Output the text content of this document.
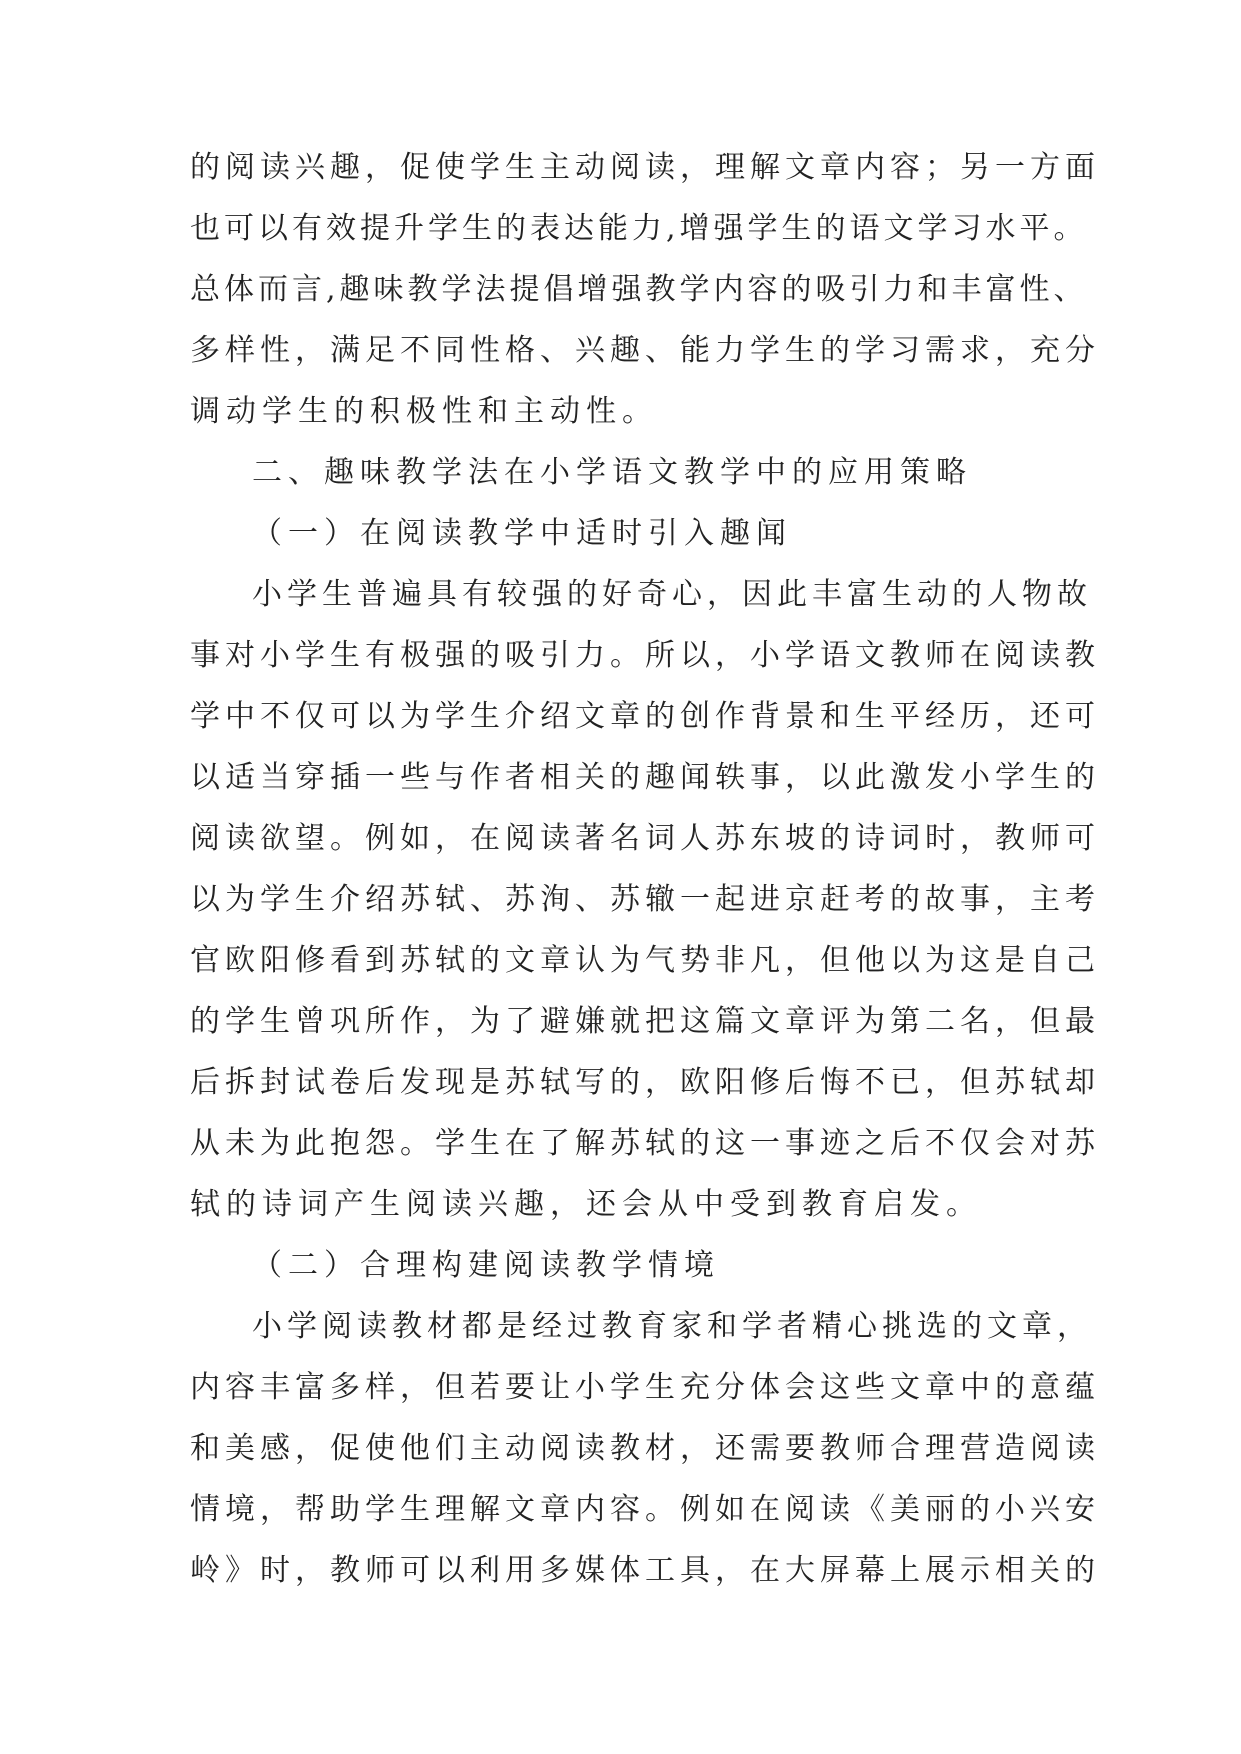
的阅读兴趣，促使学生主动阅读，理解文章内容；另一方面
也可以有效提升学生的表达能力,增强学生的语文学习水平。
总体而言,趣味教学法提倡增强教学内容的吸引力和丰富性、
多样性，满足不同性格、兴趣、能力学生的学习需求，充分
调动学生的积极性和主动性。
二、趣味教学法在小学语文教学中的应用策略
（一）在阅读教学中适时引入趣闻
小学生普遍具有较强的好奇心，因此丰富生动的人物故
事对小学生有极强的吸引力。所以，小学语文教师在阅读教
学中不仅可以为学生介绍文章的创作背景和生平经历，还可
以适当穿插一些与作者相关的趣闻轶事，以此激发小学生的
阅读欲望。例如，在阅读著名词人苏东坡的诗词时，教师可
以为学生介绍苏轼、苏洵、苏辙一起进京赶考的故事，主考
官欧阳修看到苏轼的文章认为气势非凡，但他以为这是自己
的学生曾巩所作，为了避嫌就把这篇文章评为第二名，但最
后拆封试卷后发现是苏轼写的，欧阳修后悔不已，但苏轼却
从未为此抱怨。学生在了解苏轼的这一事迹之后不仅会对苏
轼的诗词产生阅读兴趣，还会从中受到教育启发。
（二）合理构建阅读教学情境
小学阅读教材都是经过教育家和学者精心挑选的文章，
内容丰富多样，但若要让小学生充分体会这些文章中的意蕴
和美感，促使他们主动阅读教材，还需要教师合理营造阅读
情境，帮助学生理解文章内容。例如在阅读《美丽的小兴安
岭》时，教师可以利用多媒体工具，在大屏幕上展示相关的
